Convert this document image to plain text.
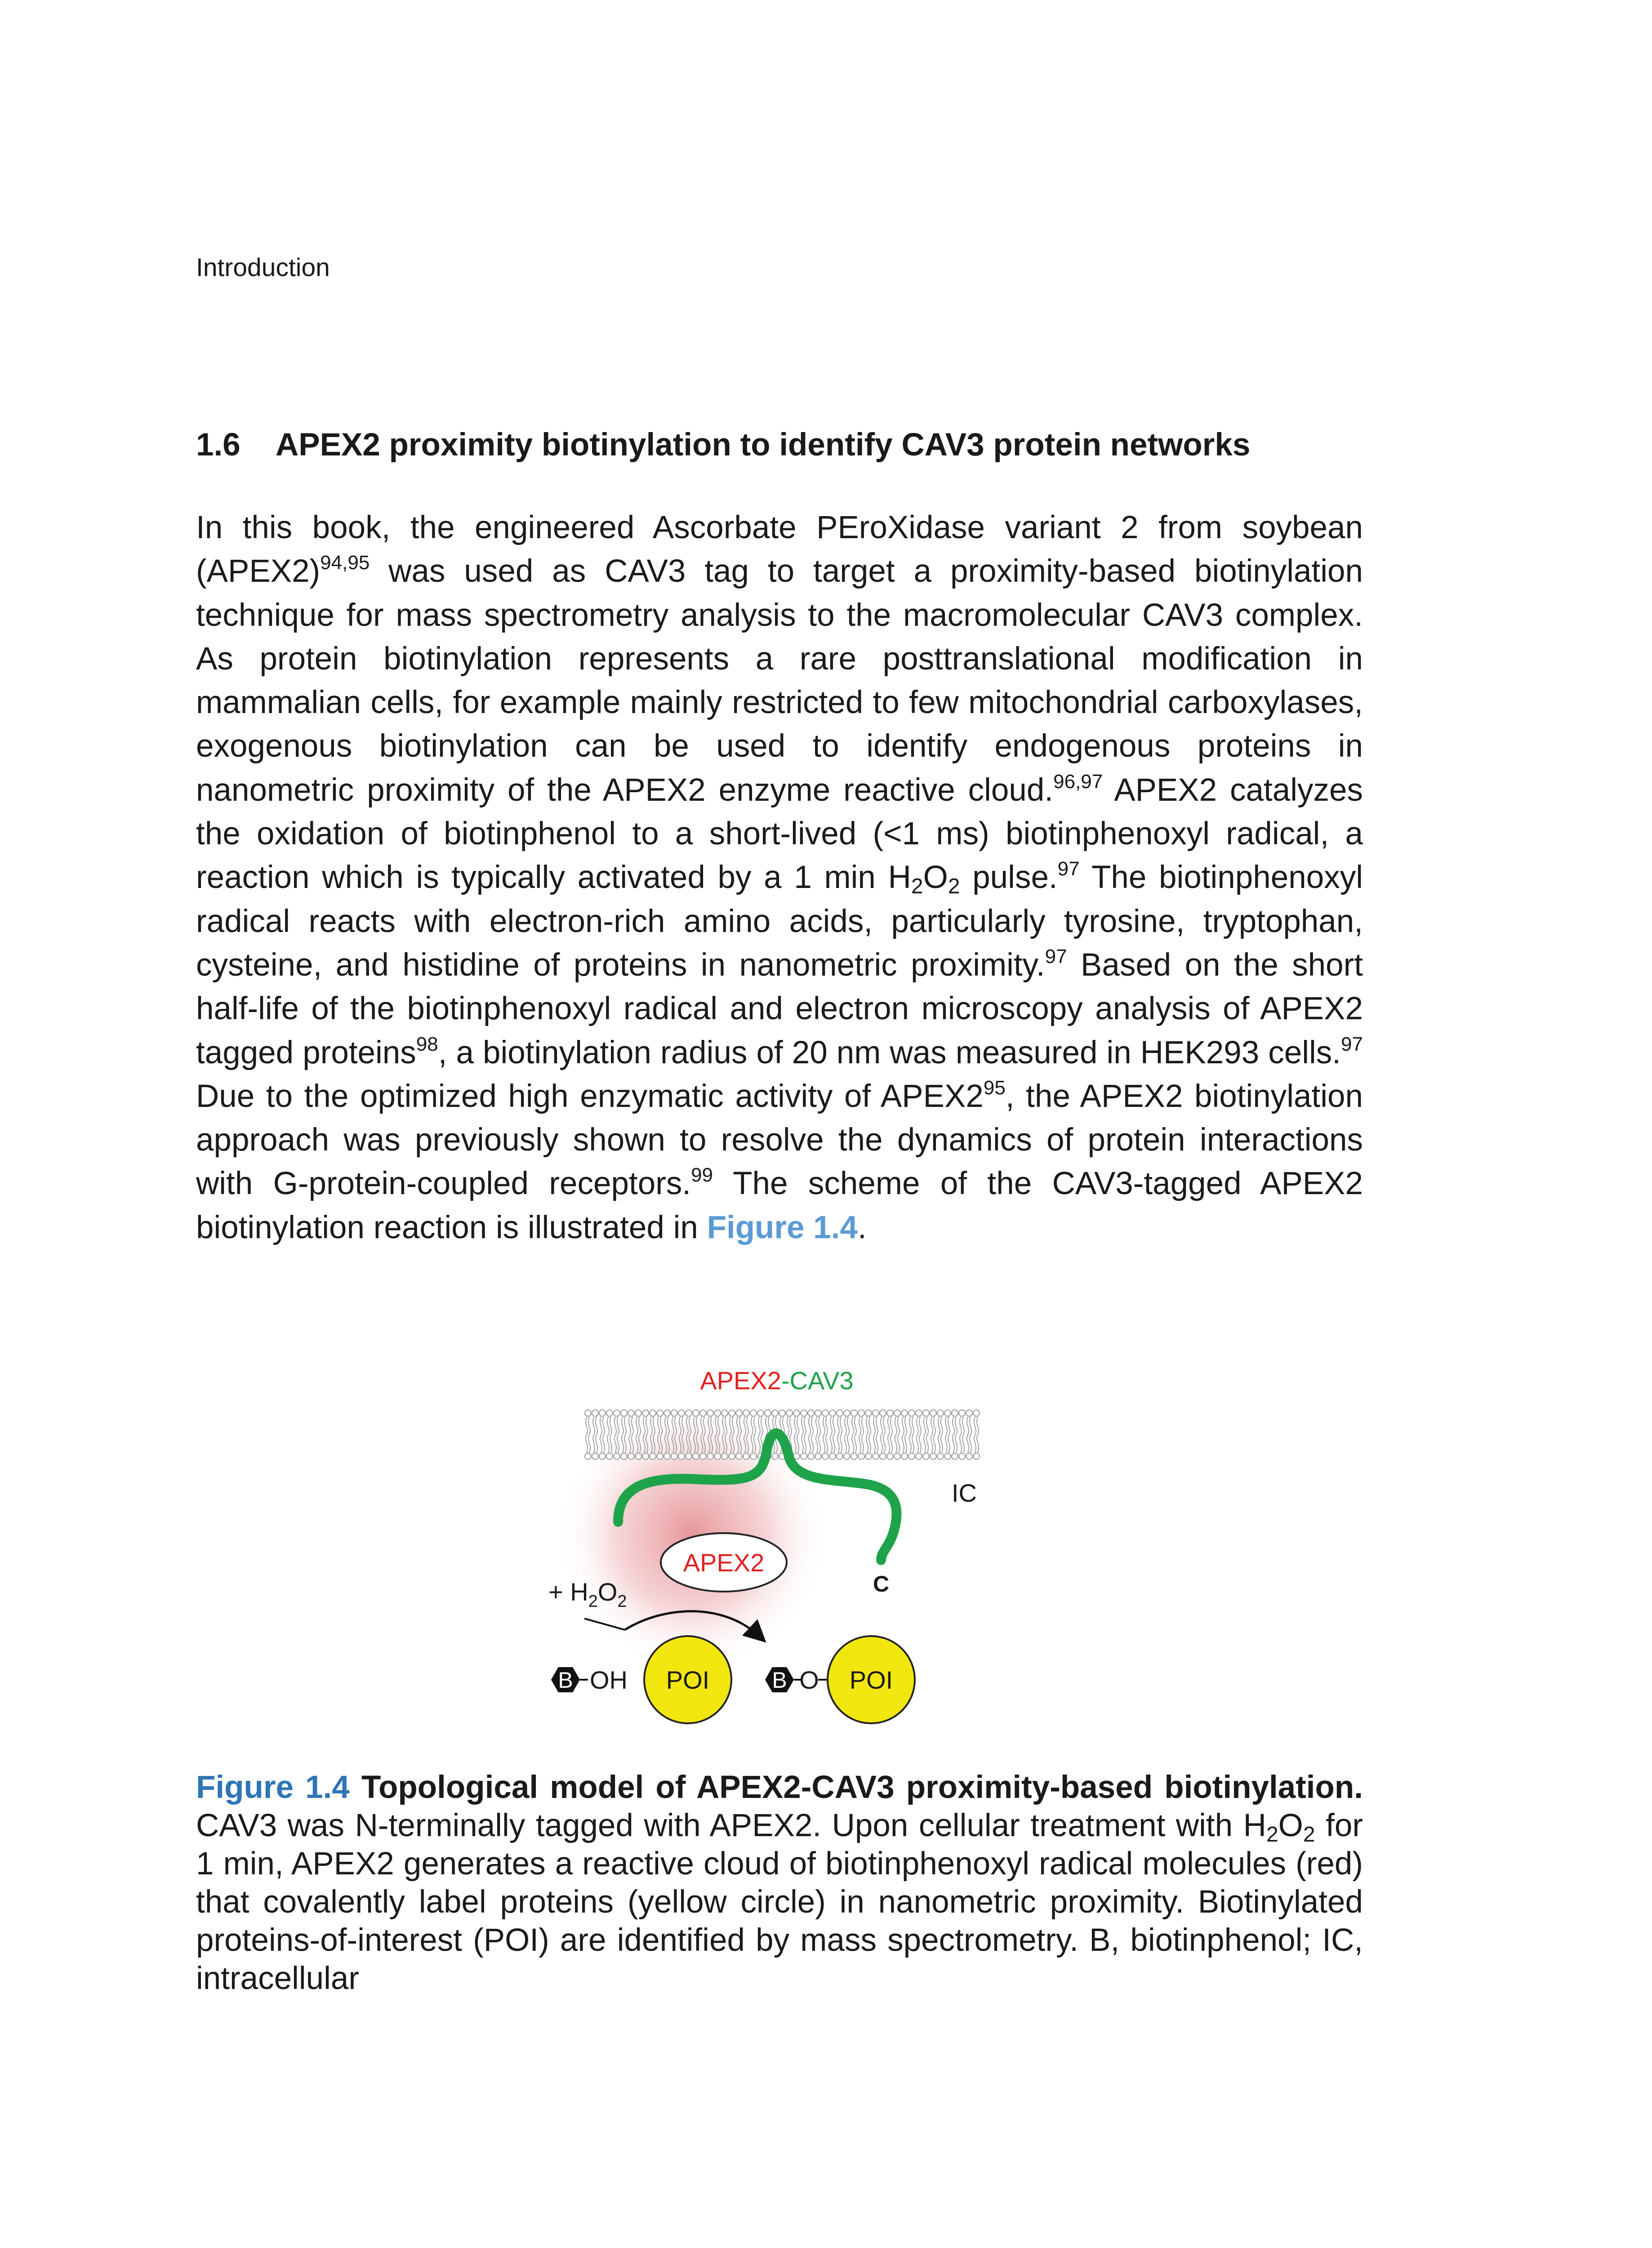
Introduction
1.6 APEX2 proximity biotinylation to identify CAV3 protein networks

In this book, the engineered Ascorbate PEroXidase variant 2 from soybean (APEX2)$^{94,95}$ was used as CAV3 tag to target a proximity-based biotinylation technique for mass spectrometry analysis to the macromolecular CAV3 complex. As protein biotinylation represents a rare posttranslational modification in mammalian cells, for example mainly restricted to few mitochondrial carboxylases, exogenous biotinylation can be used to identify endogenous proteins in nanometric proximity of the APEX2 enzyme reactive cloud.$^{96,97}$ APEX2 catalyzes the oxidation of biotinphenol to a short-lived (<1 ms) biotinphenoxyl radical, a reaction which is typically activated by a 1 $\min H_2O_2$ pulse.$^{97}$ The biotinphenoxyl radical reacts with electron-rich amino acids, particularly tyrosine, tryptophan, cysteine, and histidine of proteins in nanometric proximity.$^{97}$ Based on the short half-life of the biotinphenoxyl radical and electron microscopy analysis of APEX2 tagged proteins$^{98}$, a biotinylation radius of 20 nm was measured in HEK293 cells.$^{97}$ Due to the optimized high enzymatic activity of $APEX2^{95}$, the APEX2 biotinylation approach was previously shown to resolve the dynamics of protein interactions with G-protein-coupled receptors.$^{99}$ The scheme of the CAV3-tagged APEX2 biotinylation reaction is illustrated in Figure 1.4.

APEX2-CAV3
IC
C
APEX2
+ $H_2O_2$
B OH POI	B O POI

Figure 1.4 Topological model of APEX2-CAV3 proximity-based biotinylation. CAV3 was N-terminally tagged with APEX2. Upon cellular treatment with $H_2O_2$ for 1 min, APEX2 generates a reactive cloud of biotinphenoxyl radical molecules (red) that covalently label proteins (yellow circle) in nanometric proximity. Biotinylated proteins-of-interest (POI) are identified by mass spectrometry. B, biotinphenol; IC, intracellular
